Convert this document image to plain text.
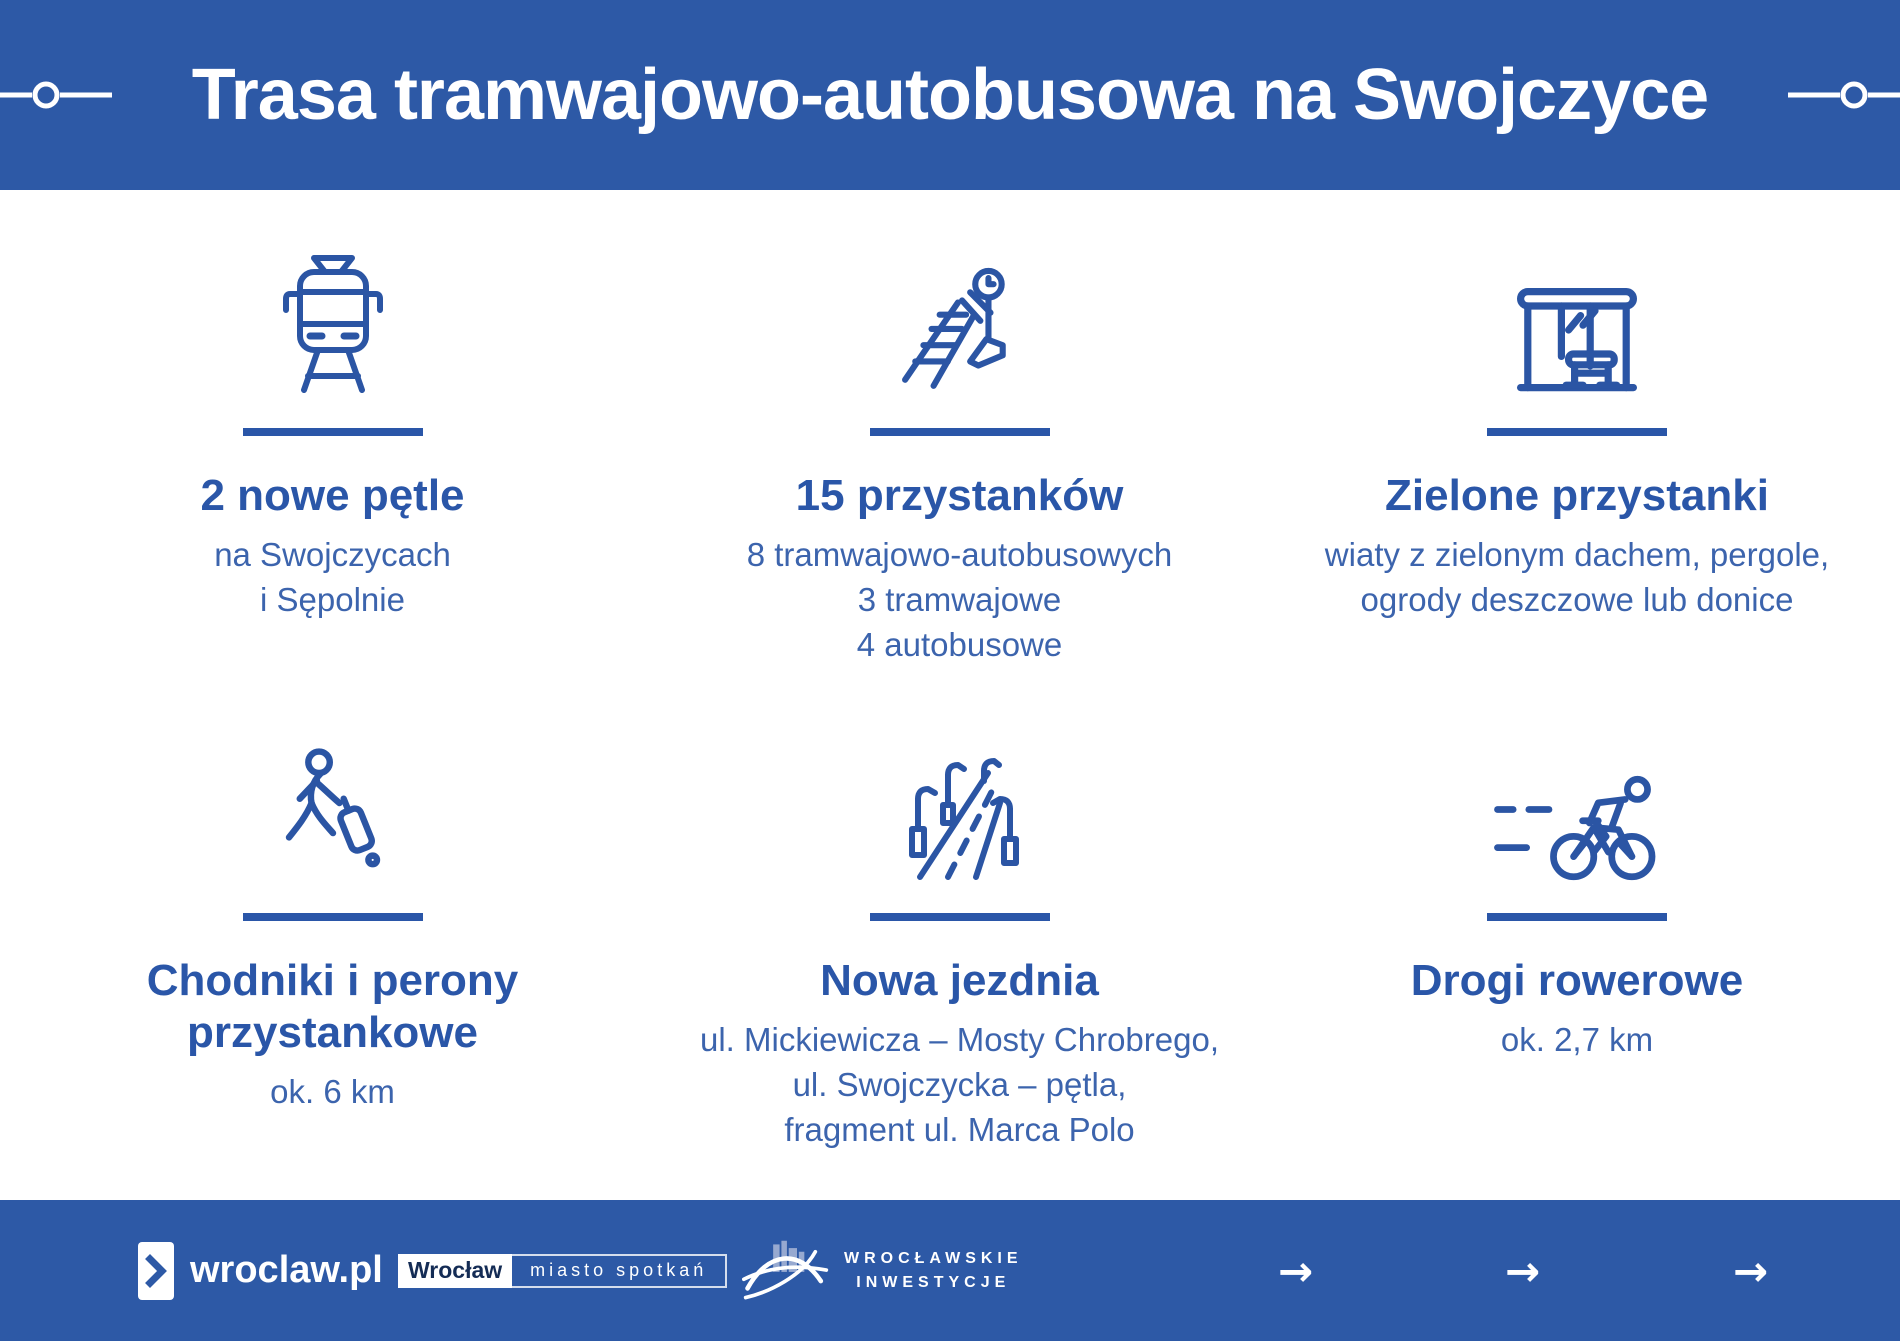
Trasa tramwajowo-autobusowa na Swojczyce
2 nowe pętle

na Swojczycach

i Sępolnie

15 przystanków

8 tramwajowo-autobusowych

3 tramwajowe

4 autobusowe

Zielone przystanki

wiaty z zielonym dachem, pergole,

ogrody deszczowe lub donice

Chodniki i perony przystankowe

ok. 6 km

Nowa jezdnia

ul. Mickiewicza – Mosty Chrobrego,

ul. Swojczycka – pętla,

fragment ul. Marca Polo

Drogi rowerowe

ok. 2,7 km

wroclaw.pl	Wrocław	miasto spotkań
WROCŁAWSKIE
INWESTYCJE	→	→	→
